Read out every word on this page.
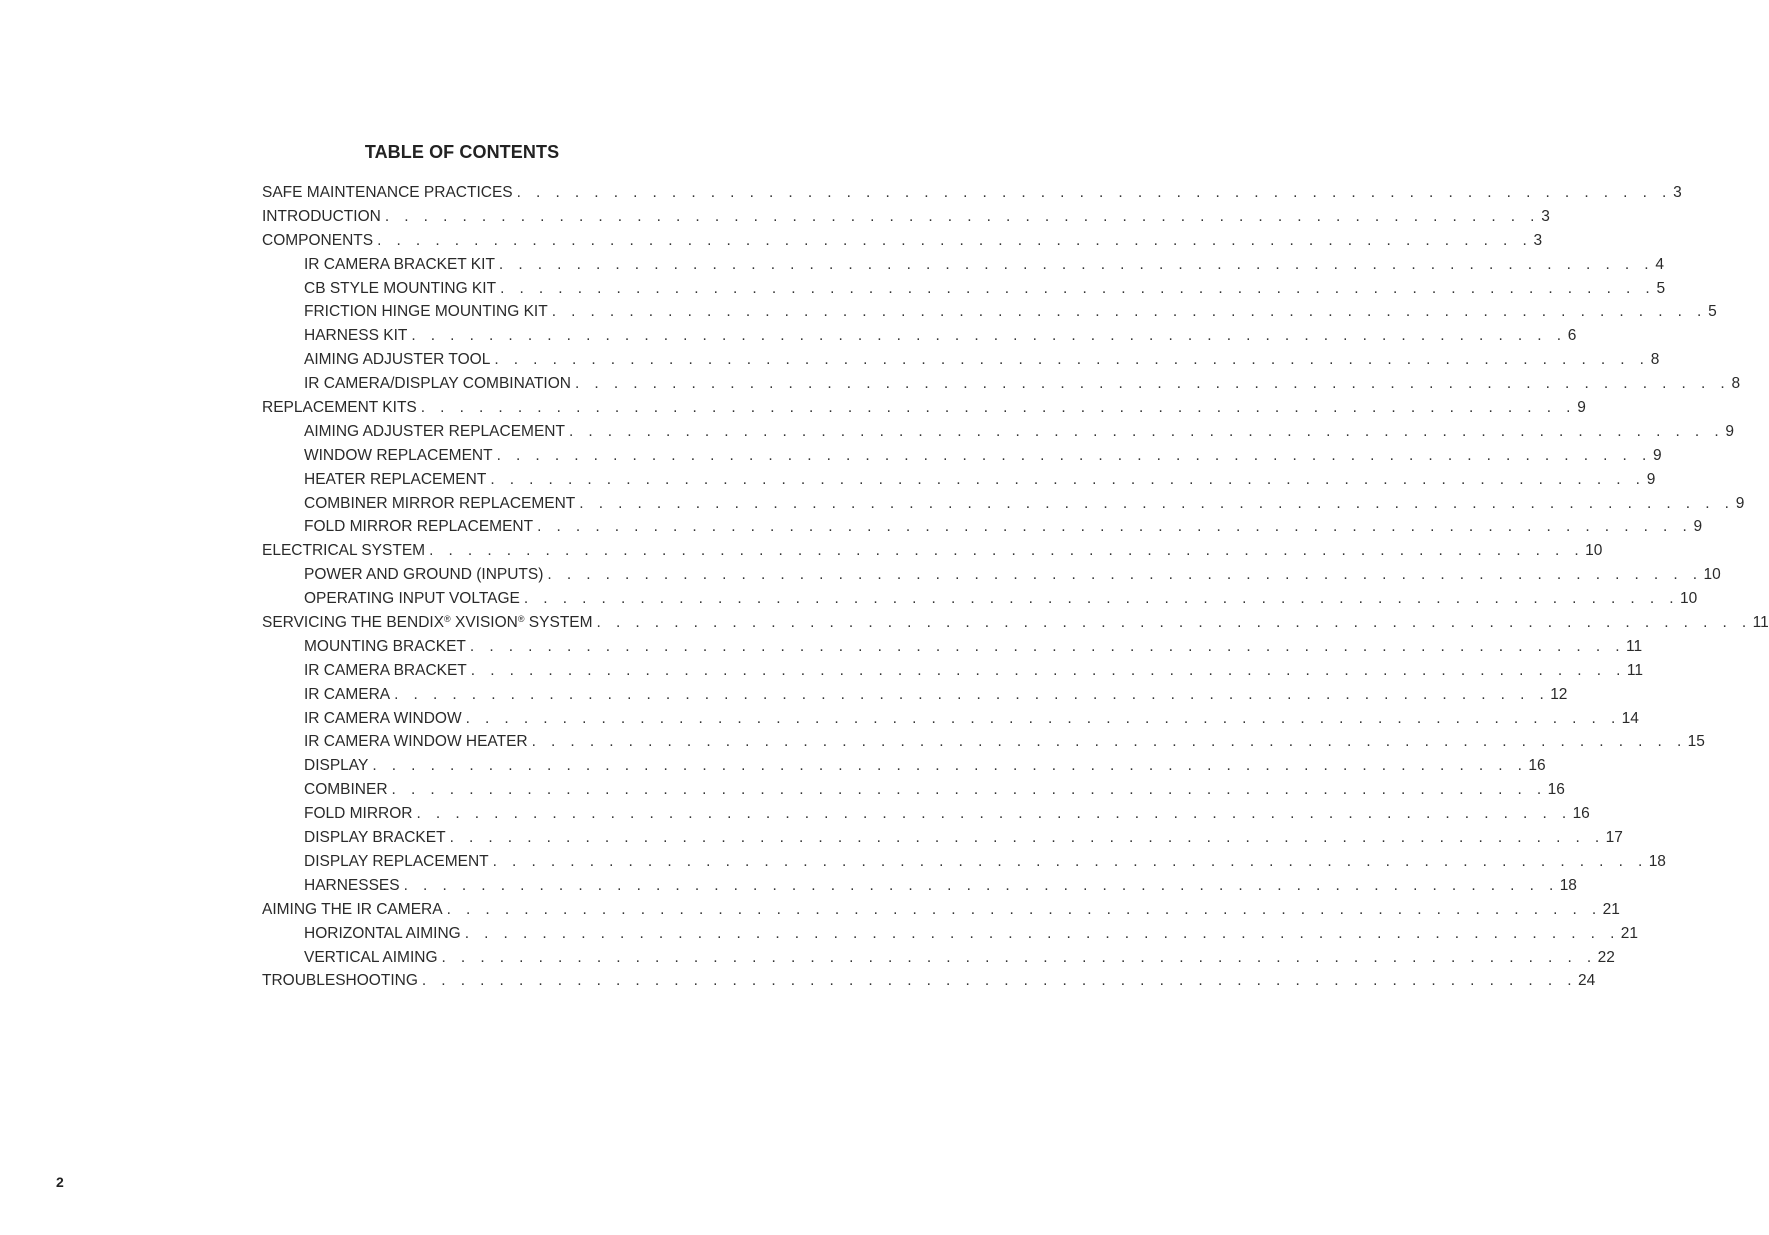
TABLE OF CONTENTS
SAFE MAINTENANCE PRACTICES . . . . . . . . . . . . . . . . . . . . . . . . . . . . . . . . . . . . . . . . . . . . . . . . . . . . . . . . . . . . 3
INTRODUCTION . . . . . . . . . . . . . . . . . . . . . . . . . . . . . . . . . . . . . . . . . . . . . . . . . . . . . . . . . . . . 3
COMPONENTS . . . . . . . . . . . . . . . . . . . . . . . . . . . . . . . . . . . . . . . . . . . . . . . . . . . . . . . . . . . . 3
IR CAMERA BRACKET KIT . . . . . . . . . . . . . . . . . . . . . . . . . . . . . . . . . . . . . . . . . . . . . . . . . . . . . . . . . . . . 4
CB STYLE MOUNTING KIT . . . . . . . . . . . . . . . . . . . . . . . . . . . . . . . . . . . . . . . . . . . . . . . . . . . . . . . . . . . . 5
FRICTION HINGE MOUNTING KIT . . . . . . . . . . . . . . . . . . . . . . . . . . . . . . . . . . . . . . . . . . . . . . . . . . . . . . . . . . . . 5
HARNESS KIT . . . . . . . . . . . . . . . . . . . . . . . . . . . . . . . . . . . . . . . . . . . . . . . . . . . . . . . . . . . . 6
AIMING ADJUSTER TOOL . . . . . . . . . . . . . . . . . . . . . . . . . . . . . . . . . . . . . . . . . . . . . . . . . . . . . . . . . . . . 8
IR CAMERA/DISPLAY COMBINATION . . . . . . . . . . . . . . . . . . . . . . . . . . . . . . . . . . . . . . . . . . . . . . . . . . . . . . . . . . . . 8
REPLACEMENT KITS . . . . . . . . . . . . . . . . . . . . . . . . . . . . . . . . . . . . . . . . . . . . . . . . . . . . . . . . . . . . 9
AIMING ADJUSTER REPLACEMENT . . . . . . . . . . . . . . . . . . . . . . . . . . . . . . . . . . . . . . . . . . . . . . . . . . . . . . . . . . . . 9
WINDOW REPLACEMENT . . . . . . . . . . . . . . . . . . . . . . . . . . . . . . . . . . . . . . . . . . . . . . . . . . . . . . . . . . . . 9
HEATER REPLACEMENT . . . . . . . . . . . . . . . . . . . . . . . . . . . . . . . . . . . . . . . . . . . . . . . . . . . . . . . . . . . . 9
COMBINER MIRROR REPLACEMENT . . . . . . . . . . . . . . . . . . . . . . . . . . . . . . . . . . . . . . . . . . . . . . . . . . . . . . . . . . . . 9
FOLD MIRROR REPLACEMENT . . . . . . . . . . . . . . . . . . . . . . . . . . . . . . . . . . . . . . . . . . . . . . . . . . . . . . . . . . . . 9
ELECTRICAL SYSTEM . . . . . . . . . . . . . . . . . . . . . . . . . . . . . . . . . . . . . . . . . . . . . . . . . . . . . . . . . . . . 10
POWER AND GROUND (INPUTS) . . . . . . . . . . . . . . . . . . . . . . . . . . . . . . . . . . . . . . . . . . . . . . . . . . . . . . . . . . . . 10
OPERATING INPUT VOLTAGE . . . . . . . . . . . . . . . . . . . . . . . . . . . . . . . . . . . . . . . . . . . . . . . . . . . . . . . . . . . . 10
SERVICING THE BENDIX® XVISION® SYSTEM . . . . . . . . . . . . . . . . . . . . . . . . . . . . . . . . . . . . . . . . . . . . . . . . . . . . . . . . . . . . 11
MOUNTING BRACKET . . . . . . . . . . . . . . . . . . . . . . . . . . . . . . . . . . . . . . . . . . . . . . . . . . . . . . . . . . . . 11
IR CAMERA BRACKET . . . . . . . . . . . . . . . . . . . . . . . . . . . . . . . . . . . . . . . . . . . . . . . . . . . . . . . . . . . . 11
IR CAMERA . . . . . . . . . . . . . . . . . . . . . . . . . . . . . . . . . . . . . . . . . . . . . . . . . . . . . . . . . . . . 12
IR CAMERA WINDOW . . . . . . . . . . . . . . . . . . . . . . . . . . . . . . . . . . . . . . . . . . . . . . . . . . . . . . . . . . . . 14
IR CAMERA WINDOW HEATER . . . . . . . . . . . . . . . . . . . . . . . . . . . . . . . . . . . . . . . . . . . . . . . . . . . . . . . . . . . . 15
DISPLAY . . . . . . . . . . . . . . . . . . . . . . . . . . . . . . . . . . . . . . . . . . . . . . . . . . . . . . . . . . . . 16
COMBINER . . . . . . . . . . . . . . . . . . . . . . . . . . . . . . . . . . . . . . . . . . . . . . . . . . . . . . . . . . . . 16
FOLD MIRROR . . . . . . . . . . . . . . . . . . . . . . . . . . . . . . . . . . . . . . . . . . . . . . . . . . . . . . . . . . . . 16
DISPLAY BRACKET . . . . . . . . . . . . . . . . . . . . . . . . . . . . . . . . . . . . . . . . . . . . . . . . . . . . . . . . . . . . 17
DISPLAY REPLACEMENT . . . . . . . . . . . . . . . . . . . . . . . . . . . . . . . . . . . . . . . . . . . . . . . . . . . . . . . . . . . . 18
HARNESSES . . . . . . . . . . . . . . . . . . . . . . . . . . . . . . . . . . . . . . . . . . . . . . . . . . . . . . . . . . . . 18
AIMING THE IR CAMERA . . . . . . . . . . . . . . . . . . . . . . . . . . . . . . . . . . . . . . . . . . . . . . . . . . . . . . . . . . . . 21
HORIZONTAL AIMING . . . . . . . . . . . . . . . . . . . . . . . . . . . . . . . . . . . . . . . . . . . . . . . . . . . . . . . . . . . . 21
VERTICAL AIMING . . . . . . . . . . . . . . . . . . . . . . . . . . . . . . . . . . . . . . . . . . . . . . . . . . . . . . . . . . . . 22
TROUBLESHOOTING . . . . . . . . . . . . . . . . . . . . . . . . . . . . . . . . . . . . . . . . . . . . . . . . . . . . . . . . . . . . 24
2
